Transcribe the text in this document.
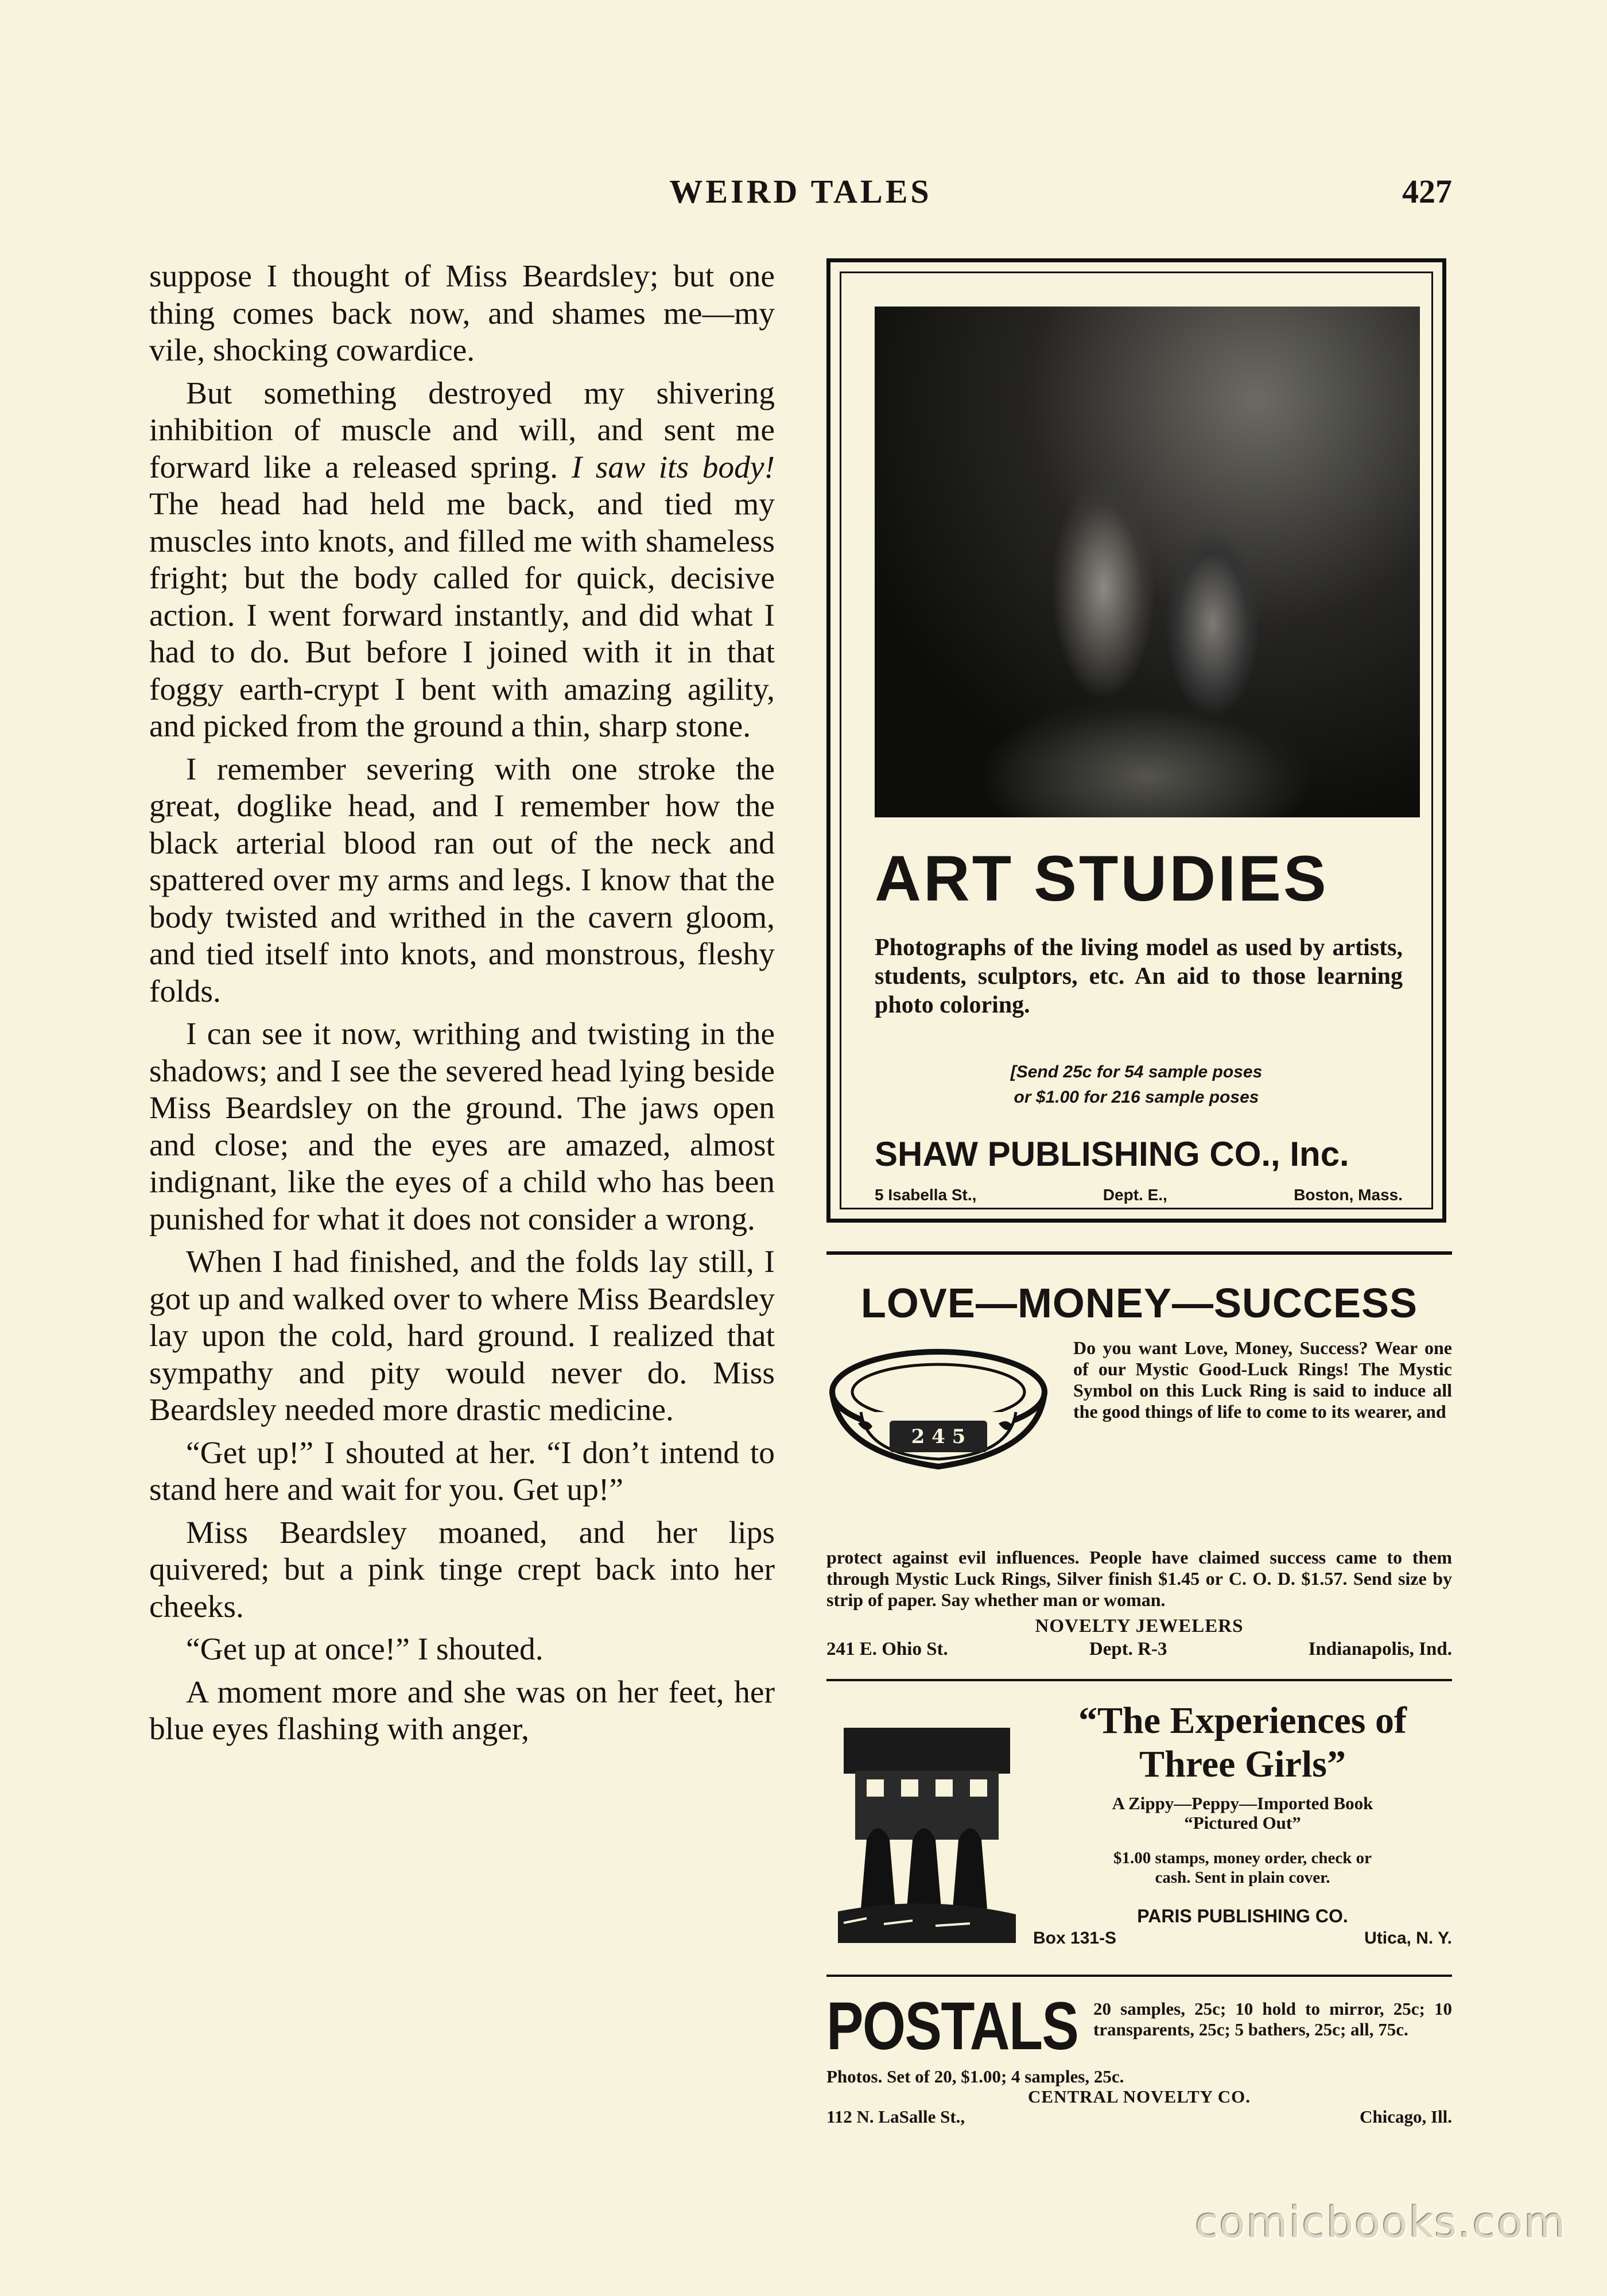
WEIRD TALES	427

suppose I thought of Miss Beardsley; but one thing comes back now, and shames me—my vile, shocking cowardice.

But something destroyed my shivering inhibition of muscle and will, and sent me forward like a released spring. I saw its body! The head had held me back, and tied my muscles into knots, and filled me with shameless fright; but the body called for quick, decisive action. I went forward instantly, and did what I had to do. But before I joined with it in that foggy earth-crypt I bent with amazing agility, and picked from the ground a thin, sharp stone.

I remember severing with one stroke the great, doglike head, and I remember how the black arterial blood ran out of the neck and spattered over my arms and legs. I know that the body twisted and writhed in the cavern gloom, and tied itself into knots, and monstrous, fleshy folds.

I can see it now, writhing and twisting in the shadows; and I see the severed head lying beside Miss Beardsley on the ground. The jaws open and close; and the eyes are amazed, almost indignant, like the eyes of a child who has been punished for what it does not consider a wrong.

When I had finished, and the folds lay still, I got up and walked over to where Miss Beardsley lay upon the cold, hard ground. I realized that sympathy and pity would never do. Miss Beardsley needed more drastic medicine.

“Get up!” I shouted at her. “I don’t intend to stand here and wait for you. Get up!”

Miss Beardsley moaned, and her lips quivered; but a pink tinge crept back into her cheeks.

“Get up at once!” I shouted.

A moment more and she was on her feet, her blue eyes flashing with anger,

ART STUDIES
Photographs of the living model as used by artists, students, sculptors, etc. An aid to those learning photo coloring.
[Send 25c for 54 sample poses
or $1.00 for 216 sample poses
SHAW PUBLISHING CO., Inc.
5 Isabella St.,	Dept. E.,	Boston, Mass.
LOVE—MONEY—SUCCESS
2 4 5
Do you want Love, Money, Success? Wear one of our Mystic Good-Luck Rings! The Mystic Symbol on this Luck Ring is said to induce all the good things of life to come to its wearer, and
protect against evil influences. People have claimed success came to them through Mystic Luck Rings, Silver finish $1.45 or C. O. D. $1.57. Send size by strip of paper. Say whether man or woman.
NOVELTY JEWELERS
241 E. Ohio St.	Dept. R-3	Indianapolis, Ind.
“The Experiences of
Three Girls”
A Zippy—Peppy—Imported Book
“Pictured Out”
$1.00 stamps, money order, check or
cash. Sent in plain cover.
PARIS PUBLISHING CO.
Box 131-S	Utica, N. Y.
POSTALS 20 samples, 25c; 10 hold to mirror, 25c; 10 transparents, 25c; 5 bathers, 25c; all, 75c.
Photos. Set of 20, $1.00; 4 samples, 25c.
CENTRAL NOVELTY CO.
112 N. LaSalle St.,	Chicago, Ill.
comicbooks.com
